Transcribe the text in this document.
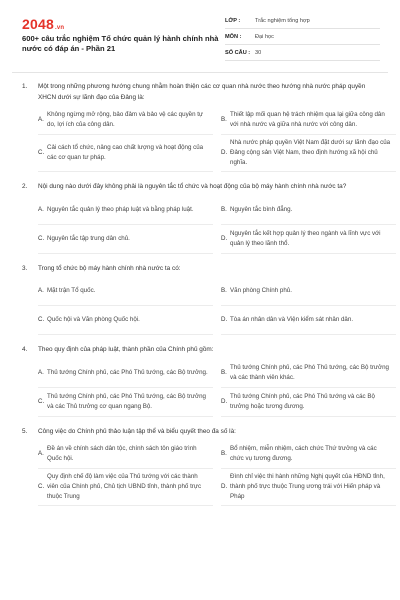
2048.vn
600+ câu trắc nghiệm Tổ chức quản lý hành chính nhà nước có đáp án - Phần 21
LỚP :	Trắc nghiệm tổng hợp
MÔN :	Đại học
SỐ CÂU : 30
1.	Một trong những phương hướng chung nhằm hoàn thiện các cơ quan nhà nước theo hướng nhà nước pháp quyền XHCN dưới sự lãnh đạo của Đảng là:
A.
Không ngừng mở rộng, bảo đảm và bảo vệ các quyền tự do, lợi ích của công dân.
B.
Thiết lập mối quan hệ trách nhiệm qua lại giữa công dân với nhà nước và giữa nhà nước với công dân.
C.
Cải cách tổ chức, nâng cao chất lượng và hoạt động của các cơ quan tư pháp.
D.
Nhà nước pháp quyền Việt Nam đặt dưới sự lãnh đạo của Đảng cộng sản Việt Nam, theo định hướng xã hội chủ nghĩa.
2.	Nội dung nào dưới đây không phải là nguyên tắc tổ chức và hoạt động của bộ máy hành chính nhà nước ta?
A. Nguyên tắc quản lý theo pháp luật và bằng pháp luật.	B. Nguyên tắc bình đẳng.
C. Nguyên tắc tập trung dân chủ.	D.
Nguyên tắc kết hợp quản lý theo ngành và lĩnh vực với quản lý theo lãnh thổ.
3.	Trong tổ chức bộ máy hành chính nhà nước ta có:
A. Mặt trận Tổ quốc.	B. Văn phòng Chính phủ.
C. Quốc hội và Văn phòng Quốc hội.	D. Tòa án nhân dân và Viện kiểm sát nhân dân.
4.	Theo quy định của pháp luật, thành phần của Chính phủ gồm:
A. Thủ tướng Chính phủ, các Phó Thủ tướng, các Bộ trưởng.	B.
Thủ tướng Chính phủ, các Phó Thủ tướng, các Bộ trưởng và các thành viên khác.
C.
Thủ tướng Chính phủ, các Phó Thủ tướng, các Bộ trưởng và các Thủ trưởng cơ quan ngang Bộ.
D.
Thủ tướng Chính phủ, các Phó Thủ tướng và các Bộ trưởng hoặc tương đương.
5.	Công việc do Chính phủ thảo luận tập thể và biểu quyết theo đa số là:
A.
Đề án về chính sách dân tộc, chính sách tôn giáo trình Quốc hội.
B.
Bổ nhiệm, miễn nhiệm, cách chức Thứ trưởng và các chức vụ tương đương.
C.
Quy định chế độ làm việc của Thủ tướng với các thành viên của Chính phủ, Chủ tịch UBND tỉnh, thành phố trực thuộc Trung
D.
Đình chỉ việc thi hành những Nghị quyết của HĐND tỉnh, thành phố trực thuộc Trung ương trái với Hiến pháp và Pháp
